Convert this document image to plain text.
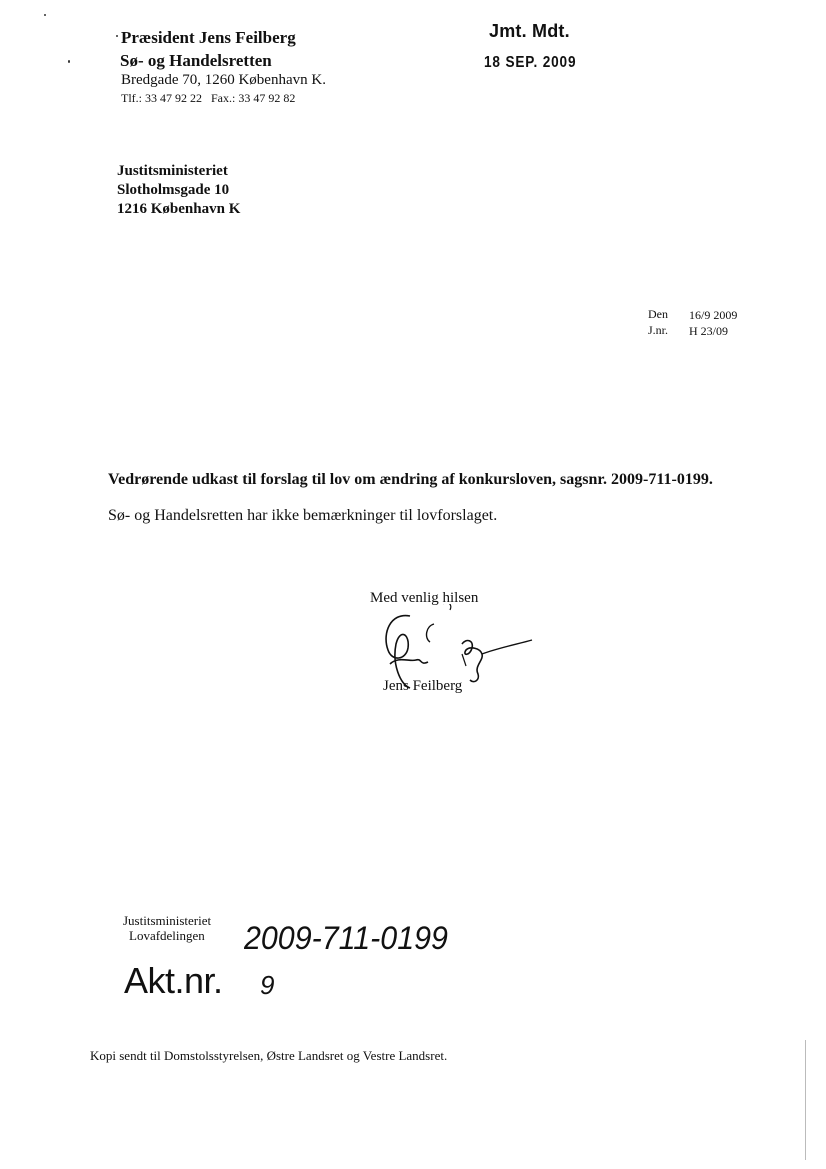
Præsident Jens Feilberg
Sø- og Handelsretten
Bredgade 70, 1260 København K.
Tlf.: 33 47 92 22   Fax.: 33 47 92 82
Jmt. Mdt.
18 SEP. 2009
Justitsministeriet
Slotholmsgade 10
1216 København K
Den 16/9 2009
J.nr. H 23/09
Vedrørende udkast til forslag til lov om ændring af konkursloven, sagsnr. 2009-711-0199.
Sø- og Handelsretten har ikke bemærkninger til lovforslaget.
Med venlig hilsen
Jens Feilberg
Justitsministeriet
Lovafdelingen 2009-711-0199
Akt.nr. 9
Kopi sendt til Domstolsstyrelsen, Østre Landsret og Vestre Landsret.
